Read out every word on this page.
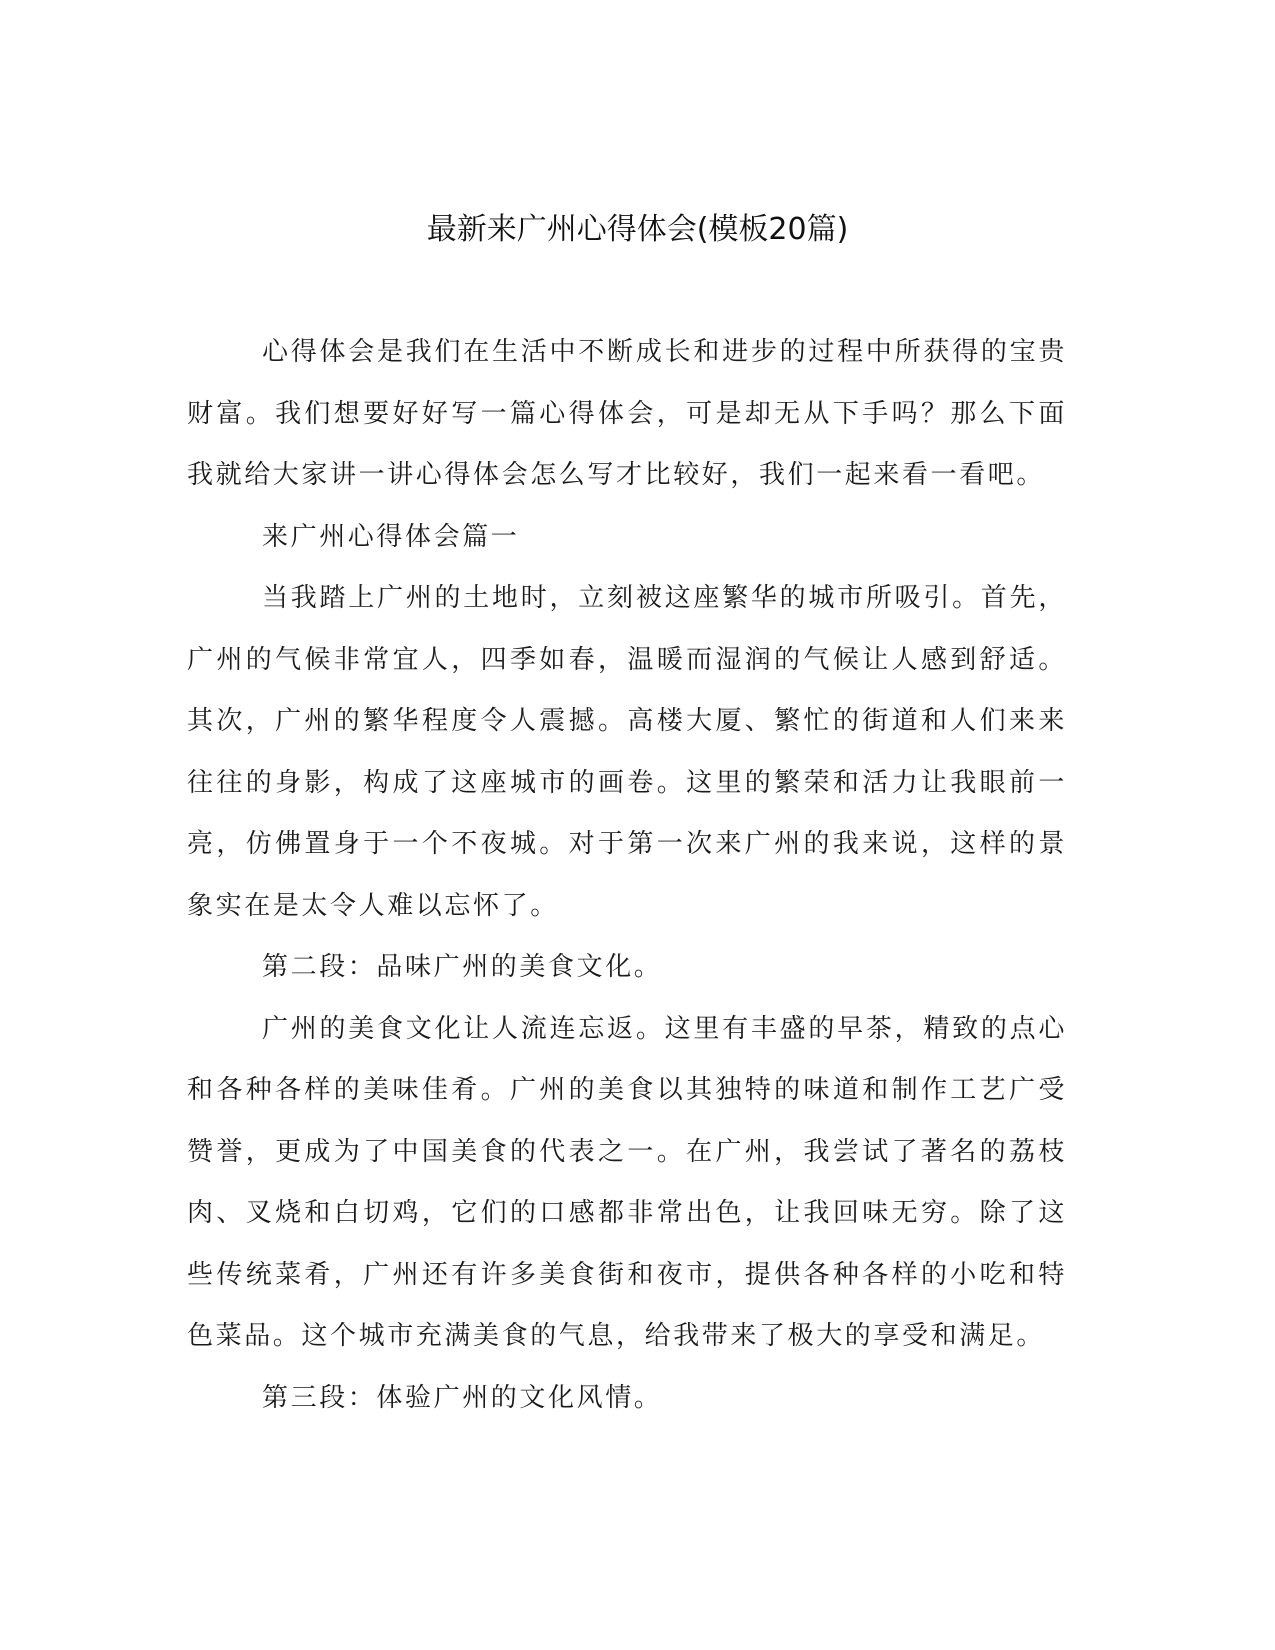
最新来广州心得体会(模板20篇)

心得体会是我们在生活中不断成长和进步的过程中所获得的宝贵财富。我们想要好好写一篇心得体会，可是却无从下手吗？那么下面我就给大家讲一讲心得体会怎么写才比较好，我们一起来看一看吧。

来广州心得体会篇一

当我踏上广州的土地时，立刻被这座繁华的城市所吸引。首先，广州的气候非常宜人，四季如春，温暖而湿润的气候让人感到舒适。其次，广州的繁华程度令人震撼。高楼大厦、繁忙的街道和人们来来往往的身影，构成了这座城市的画卷。这里的繁荣和活力让我眼前一亮，仿佛置身于一个不夜城。对于第一次来广州的我来说，这样的景象实在是太令人难以忘怀了。

第二段：品味广州的美食文化。

广州的美食文化让人流连忘返。这里有丰盛的早茶，精致的点心和各种各样的美味佳肴。广州的美食以其独特的味道和制作工艺广受赞誉，更成为了中国美食的代表之一。在广州，我尝试了著名的荔枝肉、叉烧和白切鸡，它们的口感都非常出色，让我回味无穷。除了这些传统菜肴，广州还有许多美食街和夜市，提供各种各样的小吃和特色菜品。这个城市充满美食的气息，给我带来了极大的享受和满足。

第三段：体验广州的文化风情。
